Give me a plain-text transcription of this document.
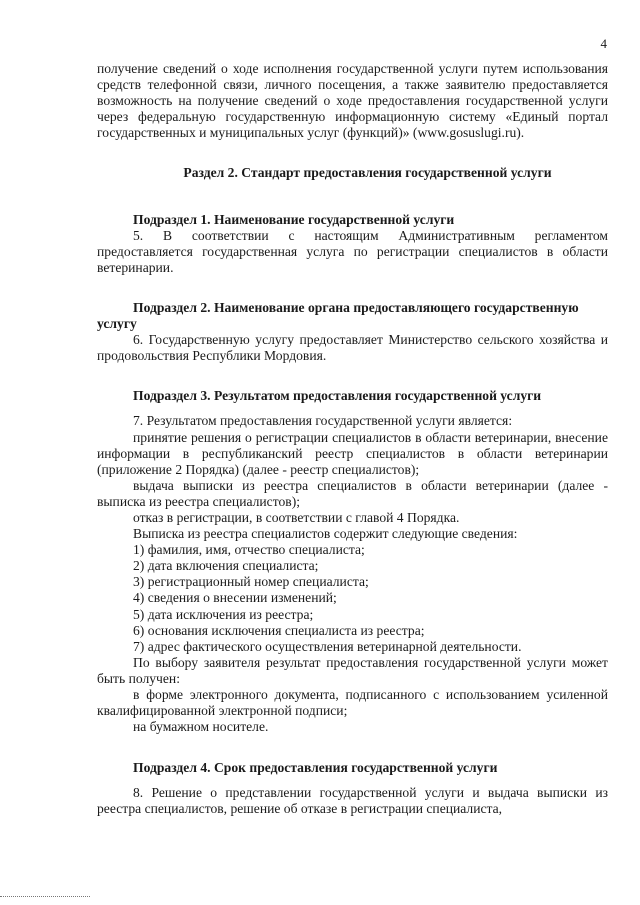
4

получение сведений о ходе исполнения государственной услуги путем использования средств телефонной связи, личного посещения, а также заявителю предоставляется возможность на получение сведений о ходе предоставления государственной услуги через федеральную государственную информационную систему «Единый портал государственных и муниципальных услуг (функций)» (www.gosuslugi.ru).

Раздел 2. Стандарт предоставления государственной услуги
Подраздел 1. Наименование государственной услуги

5. В соответствии с настоящим Административным регламентом предоставляется государственная услуга по регистрации специалистов в области ветеринарии.

Подраздел 2. Наименование органа предоставляющего государственную услугу

6. Государственную услугу предоставляет Министерство сельского хозяйства и продовольствия Республики Мордовия.

Подраздел 3. Результатом предоставления государственной услуги

7. Результатом предоставления государственной услуги является:

принятие решения о регистрации специалистов в области ветеринарии, внесение информации в республиканский реестр специалистов в области ветеринарии (приложение 2 Порядка) (далее - реестр специалистов);

выдача выписки из реестра специалистов в области ветеринарии (далее - выписка из реестра специалистов);

отказ в регистрации, в соответствии с главой 4 Порядка.

Выписка из реестра специалистов содержит следующие сведения:

1) фамилия, имя, отчество специалиста;

2) дата включения специалиста;

3) регистрационный номер специалиста;

4) сведения о внесении изменений;

5) дата исключения из реестра;

6) основания исключения специалиста из реестра;

7) адрес фактического осуществления ветеринарной деятельности.

По выбору заявителя результат предоставления государственной услуги может быть получен:

в форме электронного документа, подписанного с использованием усиленной квалифицированной электронной подписи;

на бумажном носителе.

Подраздел 4. Срок предоставления государственной услуги

8. Решение о представлении государственной услуги и выдача выписки из реестра специалистов, решение об отказе в регистрации специалиста,
